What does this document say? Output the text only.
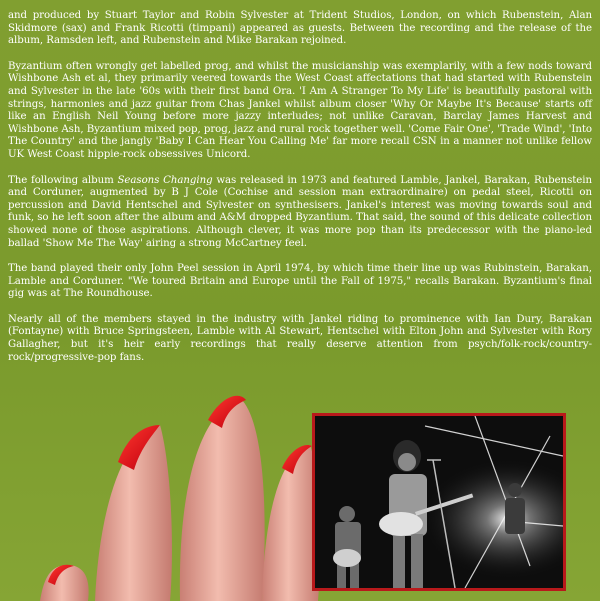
and produced by Stuart Taylor and Robin Sylvester at Trident Studios, London, on which Rubenstein, Alan Skidmore (sax) and Frank Ricotti (timpani) appeared as guests. Between the recording and the release of the album, Ramsden left, and Rubenstein and Mike Barakan rejoined.

Byzantium often wrongly get labelled prog, and whilst the musicianship was exemplarily, with a few nods toward Wishbone Ash et al, they primarily veered towards the West Coast affectations that had started with Rubenstein and Sylvester in the late '60s with their first band Ora. 'I Am A Stranger To My Life' is beautifully pastoral with strings, harmonies and jazz guitar from Chas Jankel whilst album closer 'Why Or Maybe It's Because' starts off like an English Neil Young before more jazzy interludes; not unlike Caravan, Barclay James Harvest and Wishbone Ash, Byzantium mixed pop, prog, jazz and rural rock together well. 'Come Fair One', 'Trade Wind', 'Into The Country' and the jangly 'Baby I Can Hear You Calling Me' far more recall CSN in a manner not unlike fellow UK West Coast hippie-rock obsessives Unicord.

The following album Seasons Changing was released in 1973 and featured Lamble, Jankel, Barakan, Rubenstein and Corduner, augmented by B J Cole (Cochise and session man extraordinaire) on pedal steel, Ricotti on percussion and David Hentschel and Sylvester on synthesisers. Jankel's interest was moving towards soul and funk, so he left soon after the album and A&M dropped Byzantium. That said, the sound of this delicate collection showed none of those aspirations. Although clever, it was more pop than its predecessor with the piano-led ballad 'Show Me The Way' airing a strong McCartney feel.

The band played their only John Peel session in April 1974, by which time their line up was Rubinstein, Barakan, Lamble and Corduner. "We toured Britain and Europe until the Fall of 1975," recalls Barakan. Byzantium's final gig was at The Roundhouse.

Nearly all of the members stayed in the industry with Jankel riding to prominence with Ian Dury, Barakan (Fontayne) with Bruce Springsteen, Lamble with Al Stewart, Hentschel with Elton John and Sylvester with Rory Gallagher, but it's heir early recordings that really deserve attention from psych/folk-rock/country-rock/progressive-pop fans.
